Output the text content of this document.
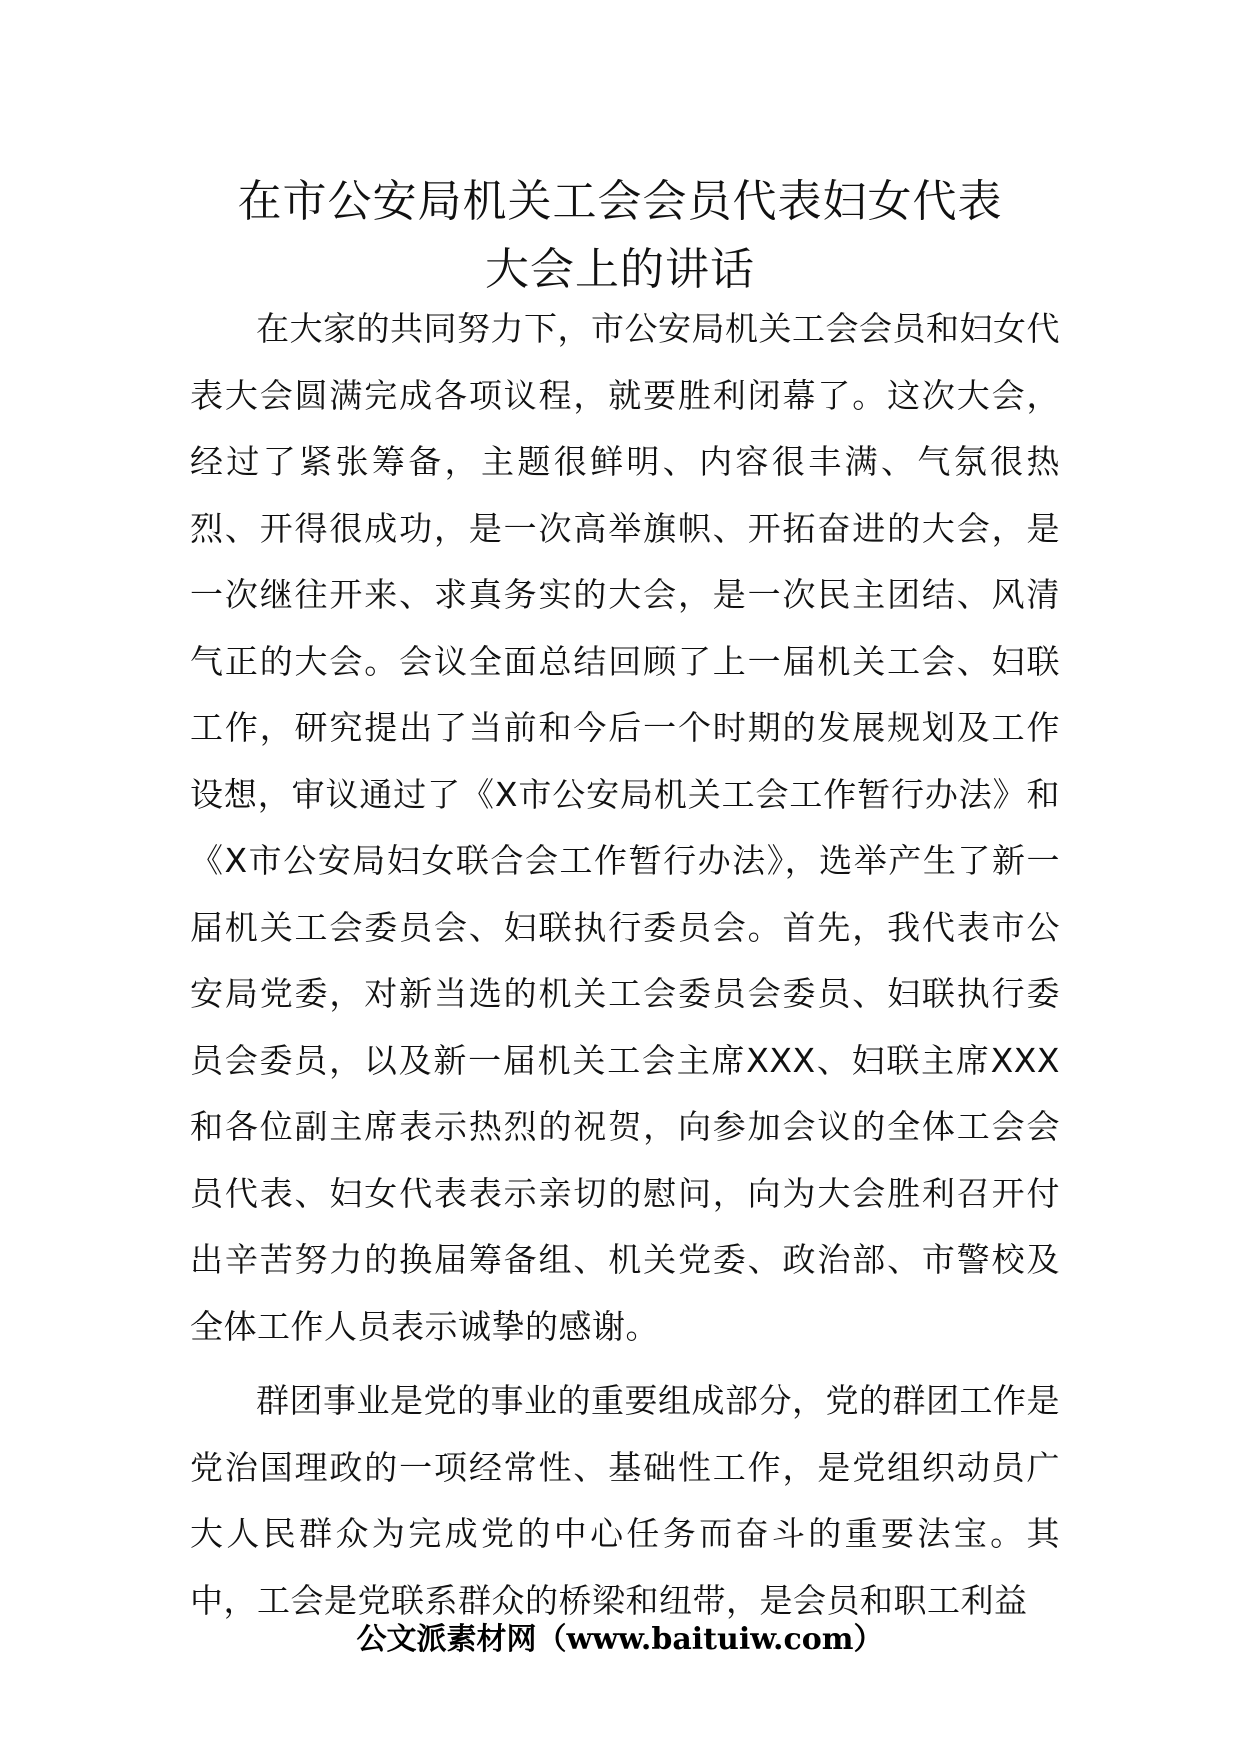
在市公安局机关工会会员代表妇女代表
大会上的讲话

在大家的共同努力下，市公安局机关工会会员和妇女代表大会圆满完成各项议程，就要胜利闭幕了。这次大会，经过了紧张筹备，主题很鲜明、内容很丰满、气氛很热烈、开得很成功，是一次高举旗帜、开拓奋进的大会，是一次继往开来、求真务实的大会，是一次民主团结、风清气正的大会。会议全面总结回顾了上一届机关工会、妇联工作，研究提出了当前和今后一个时期的发展规划及工作设想，审议通过了《X市公安局机关工会工作暂行办法》和《X市公安局妇女联合会工作暂行办法》，选举产生了新一届机关工会委员会、妇联执行委员会。首先，我代表市公安局党委，对新当选的机关工会委员会委员、妇联执行委员会委员，以及新一届机关工会主席XXX、妇联主席XXX和各位副主席表示热烈的祝贺，向参加会议的全体工会会员代表、妇女代表表示亲切的慰问，向为大会胜利召开付出辛苦努力的换届筹备组、机关党委、政治部、市警校及全体工作人员表示诚挚的感谢。

群团事业是党的事业的重要组成部分，党的群团工作是党治国理政的一项经常性、基础性工作，是党组织动员广大人民群众为完成党的中心任务而奋斗的重要法宝。其中，工会是党联系群众的桥梁和纽带，是会员和职工利益

公文派素材网（www.baituiw.com）
